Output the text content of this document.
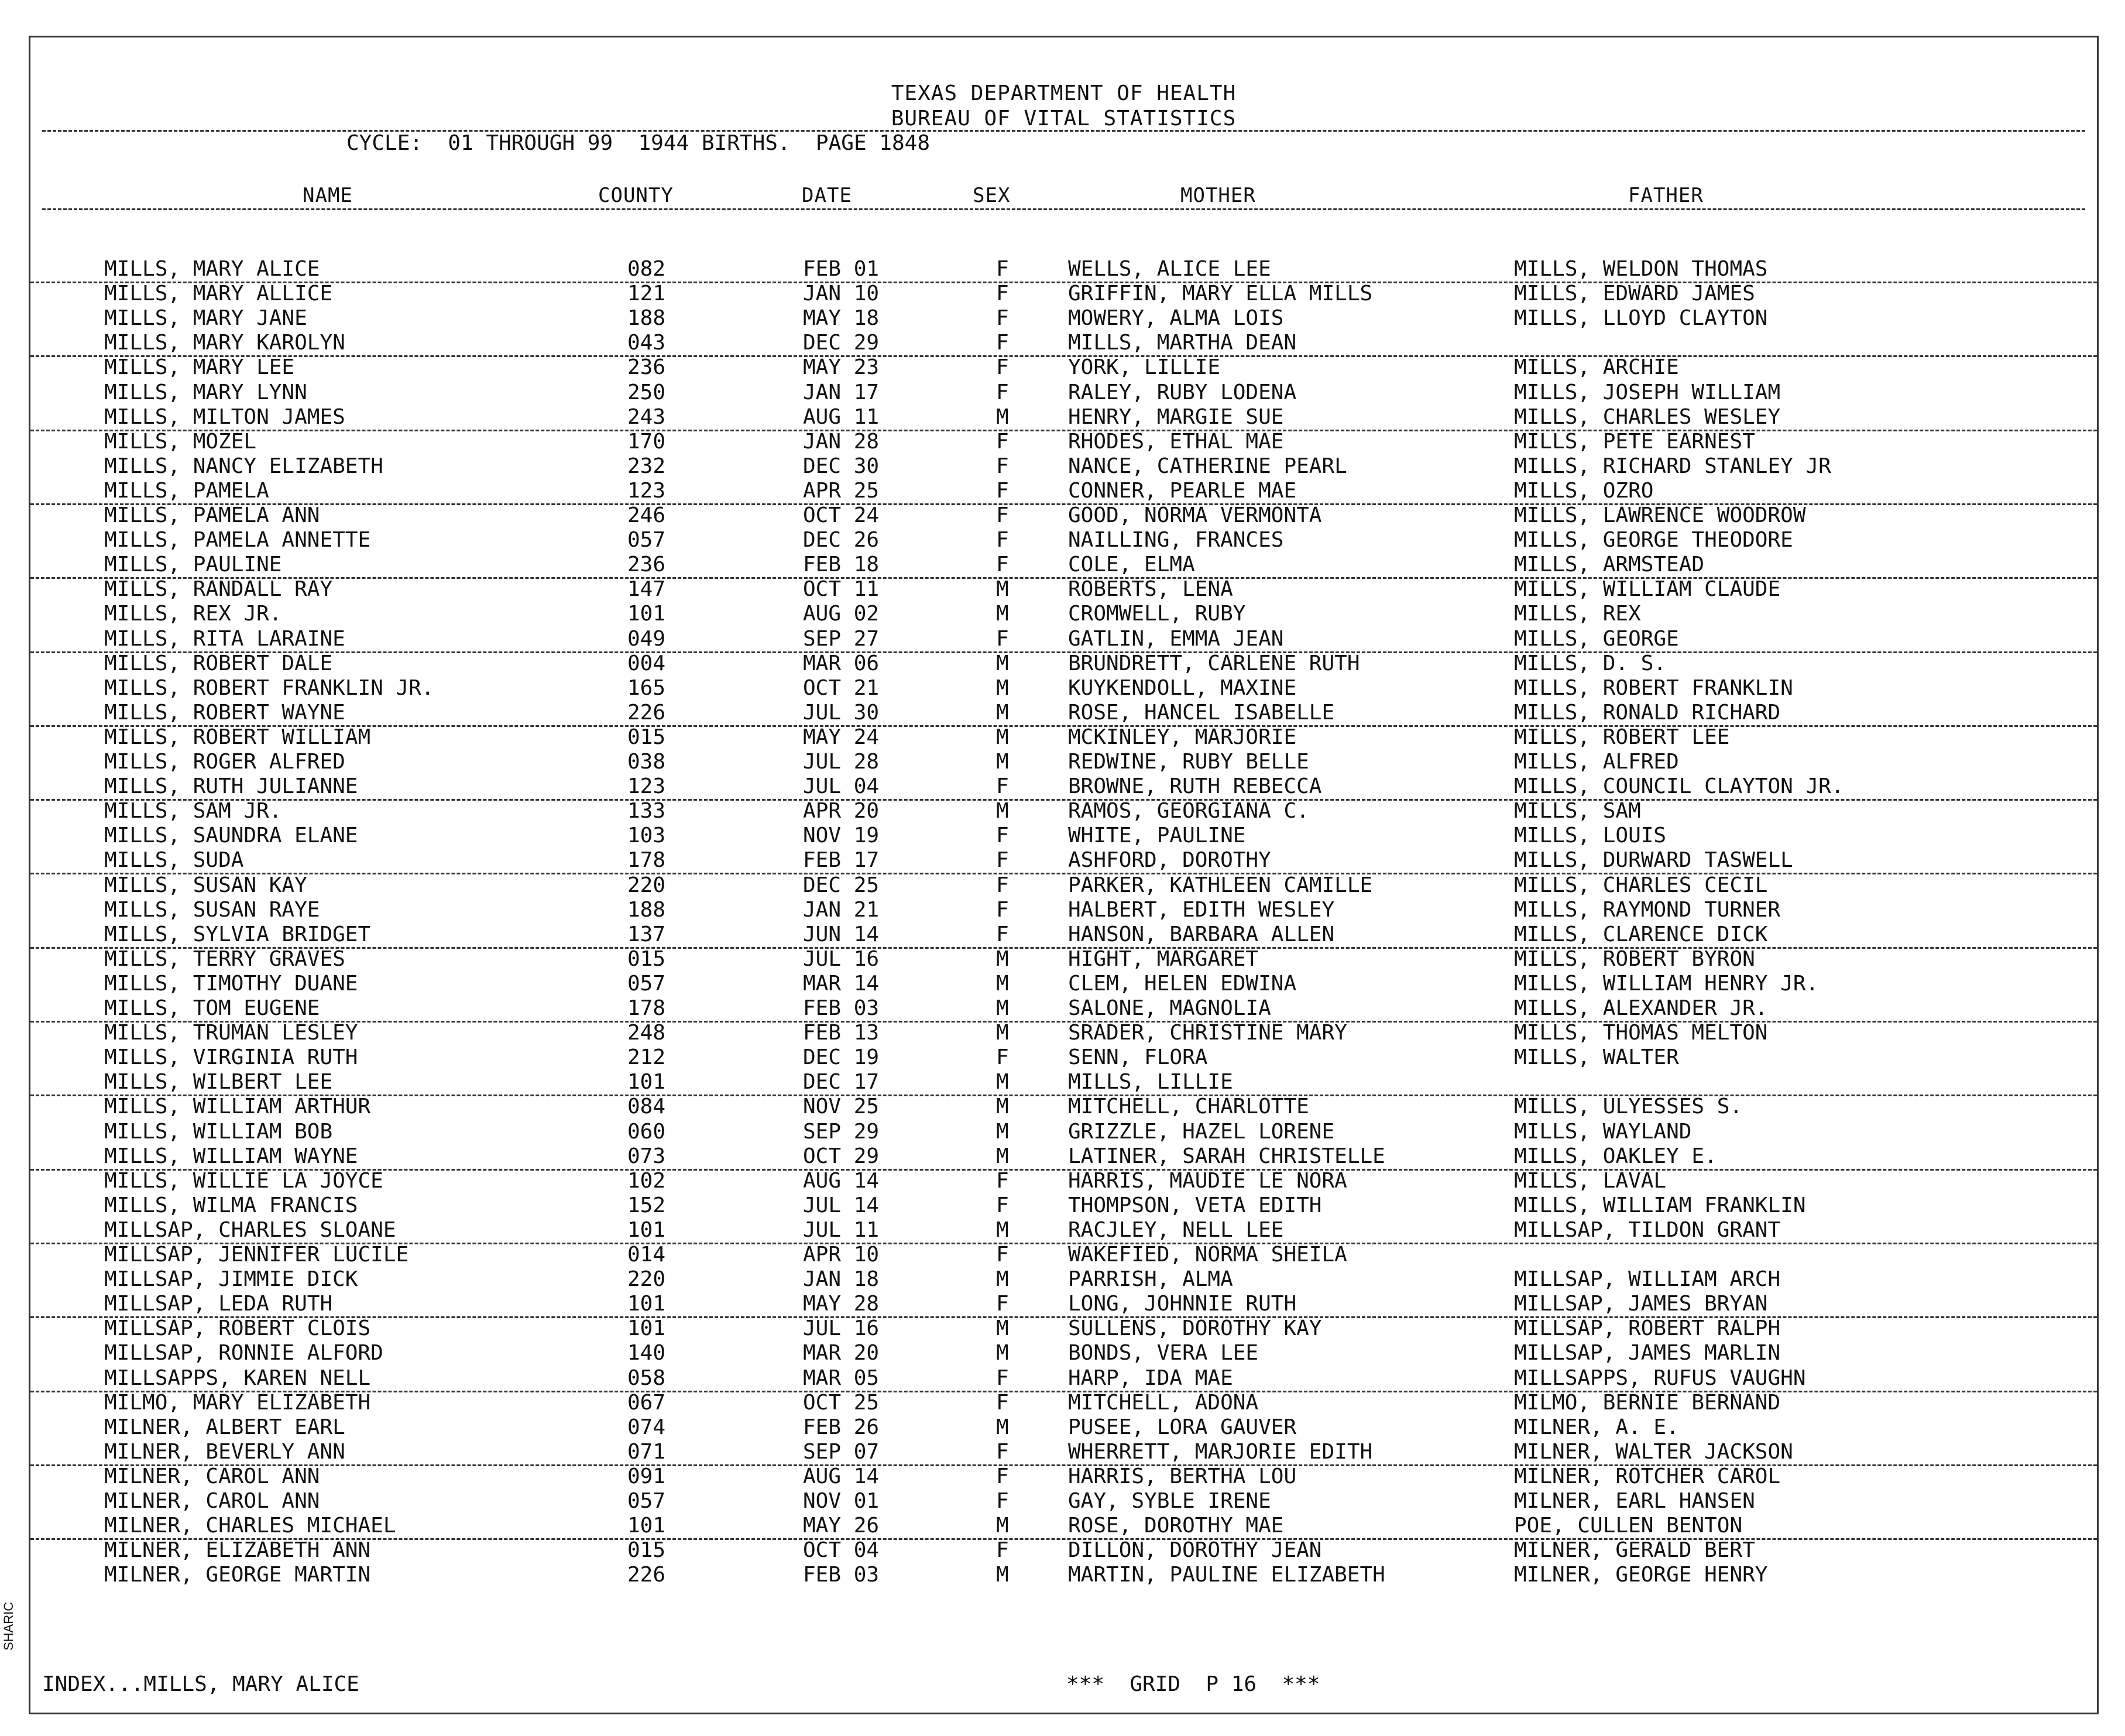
TEXAS DEPARTMENT OF HEALTH
BUREAU OF VITAL STATISTICS
CYCLE:  01 THROUGH 99  1944 BIRTHS.  PAGE 1848
NAME	COUNTY	DATE	SEX	MOTHER	FATHER
MILLS, MARY ALICE	082	FEB 01	F	WELLS, ALICE LEE	MILLS, WELDON THOMAS
MILLS, MARY ALLICE	121	JAN 10	F	GRIFFIN, MARY ELLA MILLS	MILLS, EDWARD JAMES
MILLS, MARY JANE	188	MAY 18	F	MOWERY, ALMA LOIS	MILLS, LLOYD CLAYTON
MILLS, MARY KAROLYN	043	DEC 29	F	MILLS, MARTHA DEAN
MILLS, MARY LEE	236	MAY 23	F	YORK, LILLIE	MILLS, ARCHIE
MILLS, MARY LYNN	250	JAN 17	F	RALEY, RUBY LODENA	MILLS, JOSEPH WILLIAM
MILLS, MILTON JAMES	243	AUG 11	M	HENRY, MARGIE SUE	MILLS, CHARLES WESLEY
MILLS, MOZEL	170	JAN 28	F	RHODES, ETHAL MAE	MILLS, PETE EARNEST
MILLS, NANCY ELIZABETH	232	DEC 30	F	NANCE, CATHERINE PEARL	MILLS, RICHARD STANLEY JR
MILLS, PAMELA	123	APR 25	F	CONNER, PEARLE MAE	MILLS, OZRO
MILLS, PAMELA ANN	246	OCT 24	F	GOOD, NORMA VERMONTA	MILLS, LAWRENCE WOODROW
MILLS, PAMELA ANNETTE	057	DEC 26	F	NAILLING, FRANCES	MILLS, GEORGE THEODORE
MILLS, PAULINE	236	FEB 18	F	COLE, ELMA	MILLS, ARMSTEAD
MILLS, RANDALL RAY	147	OCT 11	M	ROBERTS, LENA	MILLS, WILLIAM CLAUDE
MILLS, REX JR.	101	AUG 02	M	CROMWELL, RUBY	MILLS, REX
MILLS, RITA LARAINE	049	SEP 27	F	GATLIN, EMMA JEAN	MILLS, GEORGE
MILLS, ROBERT DALE	004	MAR 06	M	BRUNDRETT, CARLENE RUTH	MILLS, D. S.
MILLS, ROBERT FRANKLIN JR.	165	OCT 21	M	KUYKENDOLL, MAXINE	MILLS, ROBERT FRANKLIN
MILLS, ROBERT WAYNE	226	JUL 30	M	ROSE, HANCEL ISABELLE	MILLS, RONALD RICHARD
MILLS, ROBERT WILLIAM	015	MAY 24	M	MCKINLEY, MARJORIE	MILLS, ROBERT LEE
MILLS, ROGER ALFRED	038	JUL 28	M	REDWINE, RUBY BELLE	MILLS, ALFRED
MILLS, RUTH JULIANNE	123	JUL 04	F	BROWNE, RUTH REBECCA	MILLS, COUNCIL CLAYTON JR.
MILLS, SAM JR.	133	APR 20	M	RAMOS, GEORGIANA C.	MILLS, SAM
MILLS, SAUNDRA ELANE	103	NOV 19	F	WHITE, PAULINE	MILLS, LOUIS
MILLS, SUDA	178	FEB 17	F	ASHFORD, DOROTHY	MILLS, DURWARD TASWELL
MILLS, SUSAN KAY	220	DEC 25	F	PARKER, KATHLEEN CAMILLE	MILLS, CHARLES CECIL
MILLS, SUSAN RAYE	188	JAN 21	F	HALBERT, EDITH WESLEY	MILLS, RAYMOND TURNER
MILLS, SYLVIA BRIDGET	137	JUN 14	F	HANSON, BARBARA ALLEN	MILLS, CLARENCE DICK
MILLS, TERRY GRAVES	015	JUL 16	M	HIGHT, MARGARET	MILLS, ROBERT BYRON
MILLS, TIMOTHY DUANE	057	MAR 14	M	CLEM, HELEN EDWINA	MILLS, WILLIAM HENRY JR.
MILLS, TOM EUGENE	178	FEB 03	M	SALONE, MAGNOLIA	MILLS, ALEXANDER JR.
MILLS, TRUMAN LESLEY	248	FEB 13	M	SRADER, CHRISTINE MARY	MILLS, THOMAS MELTON
MILLS, VIRGINIA RUTH	212	DEC 19	F	SENN, FLORA	MILLS, WALTER
MILLS, WILBERT LEE	101	DEC 17	M	MILLS, LILLIE
MILLS, WILLIAM ARTHUR	084	NOV 25	M	MITCHELL, CHARLOTTE	MILLS, ULYESSES S.
MILLS, WILLIAM BOB	060	SEP 29	M	GRIZZLE, HAZEL LORENE	MILLS, WAYLAND
MILLS, WILLIAM WAYNE	073	OCT 29	M	LATINER, SARAH CHRISTELLE	MILLS, OAKLEY E.
MILLS, WILLIE LA JOYCE	102	AUG 14	F	HARRIS, MAUDIE LE NORA	MILLS, LAVAL
MILLS, WILMA FRANCIS	152	JUL 14	F	THOMPSON, VETA EDITH	MILLS, WILLIAM FRANKLIN
MILLSAP, CHARLES SLOANE	101	JUL 11	M	RACJLEY, NELL LEE	MILLSAP, TILDON GRANT
MILLSAP, JENNIFER LUCILE	014	APR 10	F	WAKEFIED, NORMA SHEILA
MILLSAP, JIMMIE DICK	220	JAN 18	M	PARRISH, ALMA	MILLSAP, WILLIAM ARCH
MILLSAP, LEDA RUTH	101	MAY 28	F	LONG, JOHNNIE RUTH	MILLSAP, JAMES BRYAN
MILLSAP, ROBERT CLOIS	101	JUL 16	M	SULLENS, DOROTHY KAY	MILLSAP, ROBERT RALPH
MILLSAP, RONNIE ALFORD	140	MAR 20	M	BONDS, VERA LEE	MILLSAP, JAMES MARLIN
MILLSAPPS, KAREN NELL	058	MAR 05	F	HARP, IDA MAE	MILLSAPPS, RUFUS VAUGHN
MILMO, MARY ELIZABETH	067	OCT 25	F	MITCHELL, ADONA	MILMO, BERNIE BERNAND
MILNER, ALBERT EARL	074	FEB 26	M	PUSEE, LORA GAUVER	MILNER, A. E.
MILNER, BEVERLY ANN	071	SEP 07	F	WHERRETT, MARJORIE EDITH	MILNER, WALTER JACKSON
MILNER, CAROL ANN	091	AUG 14	F	HARRIS, BERTHA LOU	MILNER, ROTCHER CAROL
MILNER, CAROL ANN	057	NOV 01	F	GAY, SYBLE IRENE	MILNER, EARL HANSEN
MILNER, CHARLES MICHAEL	101	MAY 26	M	ROSE, DOROTHY MAE	POE, CULLEN BENTON
MILNER, ELIZABETH ANN	015	OCT 04	F	DILLON, DOROTHY JEAN	MILNER, GERALD BERT
MILNER, GEORGE MARTIN	226	FEB 03	M	MARTIN, PAULINE ELIZABETH	MILNER, GEORGE HENRY
INDEX...MILLS, MARY ALICE	***  GRID  P 16  ***
SHARIC
